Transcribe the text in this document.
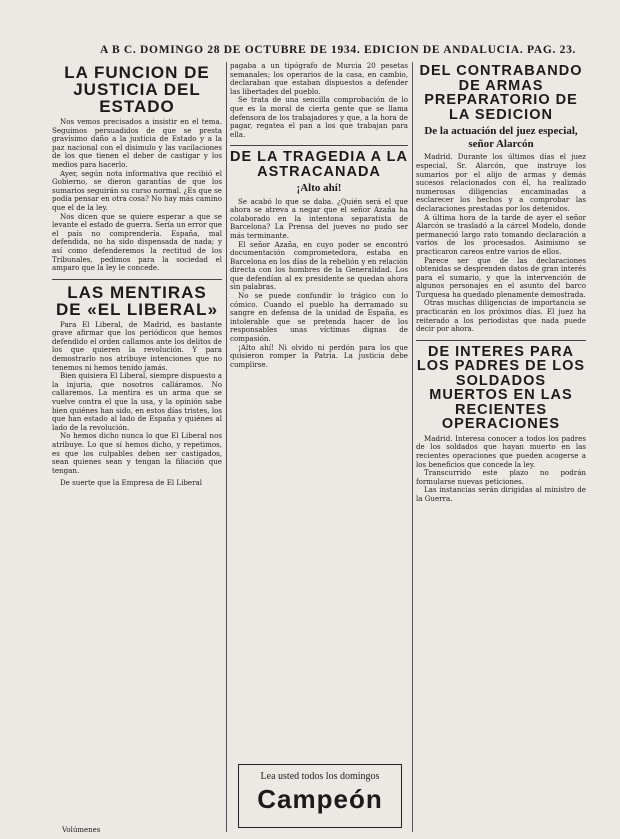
A B C. DOMINGO 28 DE OCTUBRE DE 1934. EDICION DE ANDALUCIA. PAG. 23.
LA FUNCION DE JUSTICIA DEL ESTADO

Nos vemos precisados a insistir en el tema. Seguimos persuadidos de que se presta gravísimo daño a la justicia de Estado y a la paz nacional con el disimulo y las vacilaciones de los que tienen el deber de castigar y los medios para hacerlo.

Ayer, según nota informativa que recibió el Gobierno, se dieron garantías de que los sumarios seguirán su curso normal. ¿Es que se podía pensar en otra cosa? No hay más camino que el de la ley.

Nos dicen que se quiere esperar a que se levante el estado de guerra. Sería un error que el país no comprendería. España, mal defendida, no ha sido dispensada de nada; y así como defenderemos la rectitud de los Tribunales, pedimos para la sociedad el amparo que la ley le concede.

LAS MENTIRAS DE «EL LIBERAL»

Para El Liberal, de Madrid, es bastante grave afirmar que los periódicos que hemos defendido el orden callamos ante los delitos de los que quieren la revolución. Y para demostrarlo nos atribuye intenciones que no tenemos ni hemos tenido jamás.

Bien quisiera El Liberal, siempre dispuesto a la injuria, que nosotros calláramos. No callaremos. La mentira es un arma que se vuelve contra el que la usa, y la opinión sabe bien quiénes han sido, en estos días tristes, los que han estado al lado de España y quiénes al lado de la revolución.

No hemos dicho nunca lo que El Liberal nos atribuye. Lo que sí hemos dicho, y repetimos, es que los culpables deben ser castigados, sean quienes sean y tengan la filiación que tengan.

De suerte que la Empresa de El Liberal

pagaba a un tipógrafo de Murcia 20 pesetas semanales; los operarios de la casa, en cambio, declaraban que estaban dispuestos a defender las libertades del pueblo.

Se trata de una sencilla comprobación de lo que es la moral de cierta gente que se llama defensora de los trabajadores y que, a la hora de pagar, regatea el pan a los que trabajan para ella.

DE LA TRAGEDIA A LA ASTRACANADA
¡Alto ahí!

Se acabó lo que se daba. ¿Quién será el que ahora se atreva a negar que el señor Azaña ha colaborado en la intentona separatista de Barcelona? La Prensa del jueves no pudo ser más terminante.

El señor Azaña, en cuyo poder se encontró documentación comprometedora, estaba en Barcelona en los días de la rebelión y en relación directa con los hombres de la Generalidad. Los que defendían al ex presidente se quedan ahora sin palabras.

No se puede confundir lo trágico con lo cómico. Cuando el pueblo ha derramado su sangre en defensa de la unidad de España, es intolerable que se pretenda hacer de los responsables unas víctimas dignas de compasión.

¡Alto ahí! Ni olvido ni perdón para los que quisieron romper la Patria. La justicia debe cumplirse.

Lea usted todos los domingos
Campeón
Volúmenes
DEL CONTRABANDO DE ARMAS PREPARATORIO DE LA SEDICION
De la actuación del juez especial, señor Alarcón

Madrid. Durante los últimos días el juez especial, Sr. Alarcón, que instruye los sumarios por el alijo de armas y demás sucesos relacionados con él, ha realizado numerosas diligencias encaminadas a esclarecer los hechos y a comprobar las declaraciones prestadas por los detenidos.

A última hora de la tarde de ayer el señor Alarcón se trasladó a la cárcel Modelo, donde permaneció largo rato tomando declaración a varios de los procesados. Asimismo se practicaron careos entre varios de ellos.

Parece ser que de las declaraciones obtenidas se desprenden datos de gran interés para el sumario, y que la intervención de algunos personajes en el asunto del barco Turquesa ha quedado plenamente demostrada.

Otras muchas diligencias de importancia se practicarán en los próximos días. El juez ha reiterado a los periodistas que nada puede decir por ahora.

DE INTERES PARA LOS PADRES DE LOS SOLDADOS MUERTOS EN LAS RECIENTES OPERACIONES

Madrid. Interesa conocer a todos los padres de los soldados que hayan muerto en las recientes operaciones que pueden acogerse a los beneficios que concede la ley.

Transcurrido este plazo no podrán formularse nuevas peticiones.

Las instancias serán dirigidas al ministro de la Guerra.
